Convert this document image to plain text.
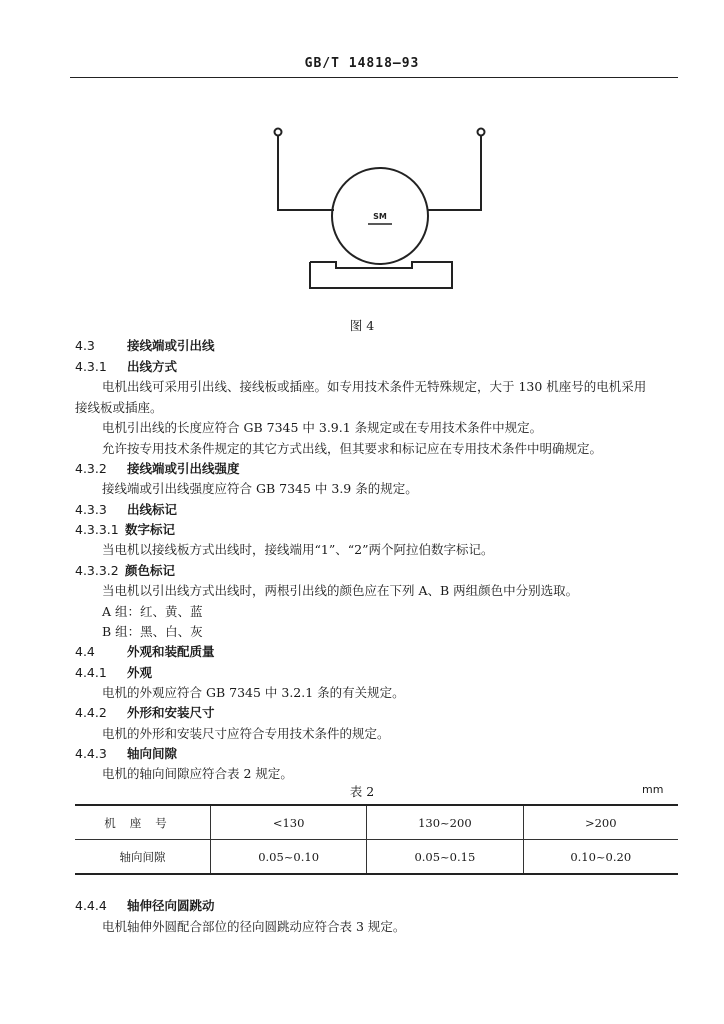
GB/T 14818—93
SM
图 4
4.3	接线端或引出线
4.3.1 出线方式
电机出线可采用引出线、接线板或插座。如专用技术条件无特殊规定，大于 130 机座号的电机采用
接线板或插座。
电机引出线的长度应符合 GB 7345 中 3.9.1 条规定或在专用技术条件中规定。
允许按专用技术条件规定的其它方式出线，但其要求和标记应在专用技术条件中明确规定。
4.3.2 接线端或引出线强度
接线端或引出线强度应符合 GB 7345 中 3.9 条的规定。
4.3.3 出线标记
4.3.3.1 数字标记
当电机以接线板方式出线时，接线端用“1”、“2”两个阿拉伯数字标记。
4.3.3.2 颜色标记
当电机以引出线方式出线时，两根引出线的颜色应在下列 A、B 两组颜色中分别选取。
A 组：红、黄、蓝
B 组：黑、白、灰
4.4	外观和装配质量
4.4.1 外观
电机的外观应符合 GB 7345 中 3.2.1 条的有关规定。
4.4.2 外形和安装尺寸
电机的外形和安装尺寸应符合专用技术条件的规定。
4.4.3 轴向间隙
电机的轴向间隙应符合表 2 规定。
表 2	mm
机座号	<130	130~200	>200
轴向间隙	0.05~0.10	0.05~0.15	0.10~0.20
4.4.4 轴伸径向圆跳动
电机轴伸外圆配合部位的径向圆跳动应符合表 3 规定。
